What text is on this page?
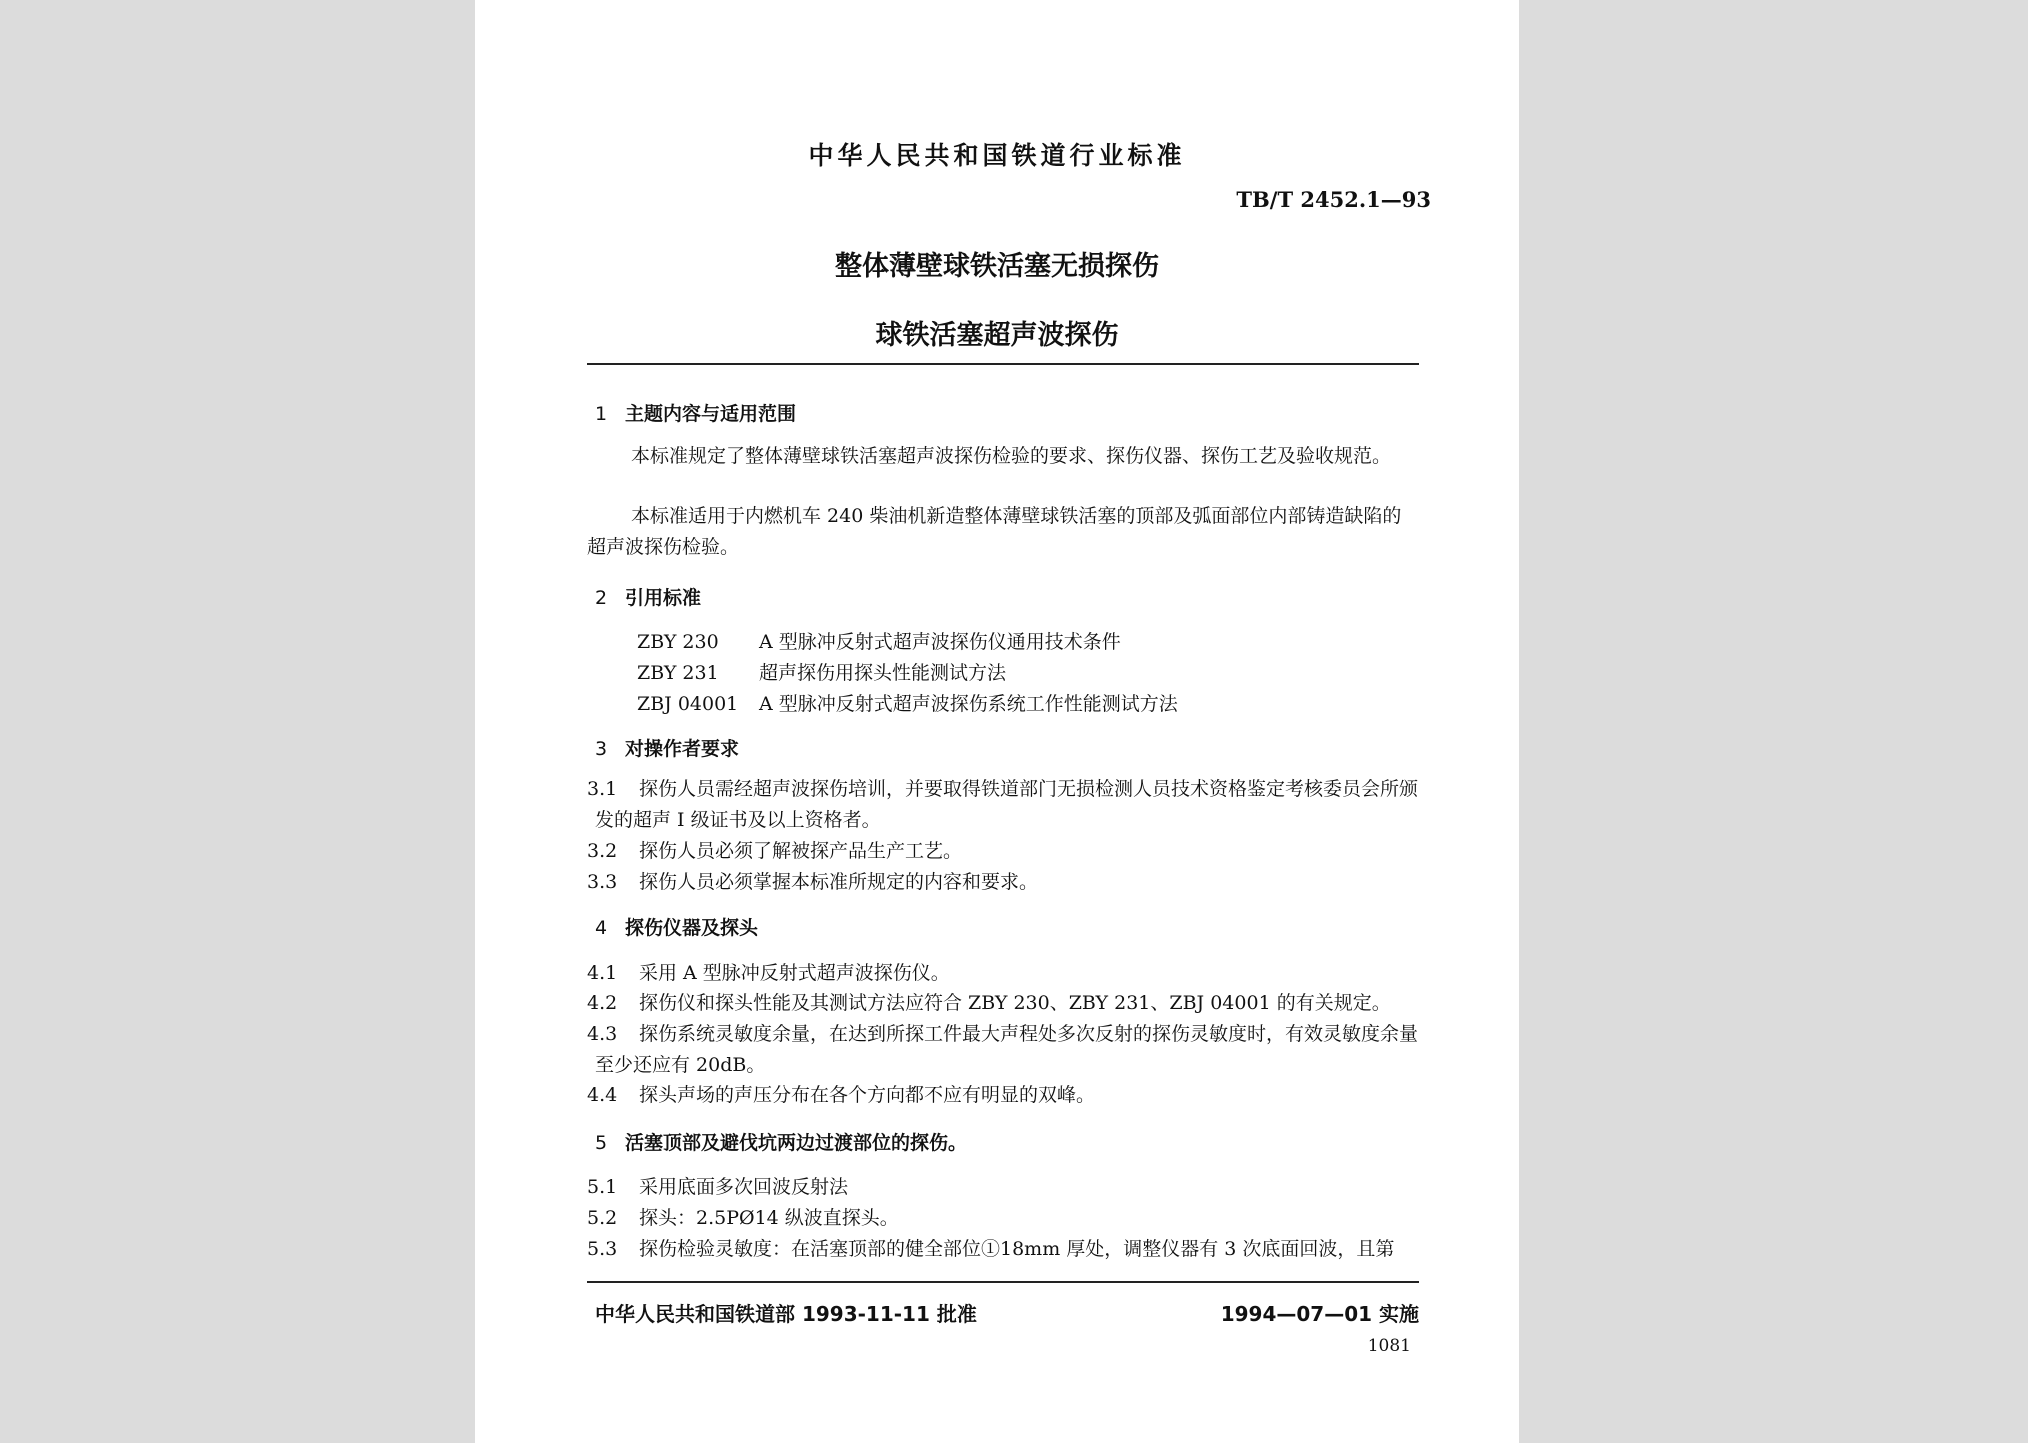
中华人民共和国铁道行业标准
TB/T 2452.1—93
整体薄壁球铁活塞无损探伤
球铁活塞超声波探伤
1 主题内容与适用范围
本标准规定了整体薄壁球铁活塞超声波探伤检验的要求、探伤仪器、探伤工艺及验收规范。
本标准适用于内燃机车 240 柴油机新造整体薄壁球铁活塞的顶部及弧面部位内部铸造缺陷的超声波探伤检验。
2 引用标准
ZBY 230 A 型脉冲反射式超声波探伤仪通用技术条件
ZBY 231 超声探伤用探头性能测试方法
ZBJ 04001 A 型脉冲反射式超声波探伤系统工作性能测试方法
3 对操作者要求
3.1 探伤人员需经超声波探伤培训，并要取得铁道部门无损检测人员技术资格鉴定考核委员会所颁发的超声 I 级证书及以上资格者。
3.2 探伤人员必须了解被探产品生产工艺。
3.3 探伤人员必须掌握本标准所规定的内容和要求。
4 探伤仪器及探头
4.1 采用 A 型脉冲反射式超声波探伤仪。
4.2 探伤仪和探头性能及其测试方法应符合 ZBY 230、ZBY 231、ZBJ 04001 的有关规定。
4.3 探伤系统灵敏度余量，在达到所探工件最大声程处多次反射的探伤灵敏度时，有效灵敏度余量至少还应有 20dB。
4.4 探头声场的声压分布在各个方向都不应有明显的双峰。
5 活塞顶部及避伐坑两边过渡部位的探伤。
5.1 采用底面多次回波反射法
5.2 探头：2.5PØ14 纵波直探头。
5.3 探伤检验灵敏度：在活塞顶部的健全部位①18mm 厚处，调整仪器有 3 次底面回波，且第
中华人民共和国铁道部 1993-11-11 批准	1994—07—01 实施
1081
